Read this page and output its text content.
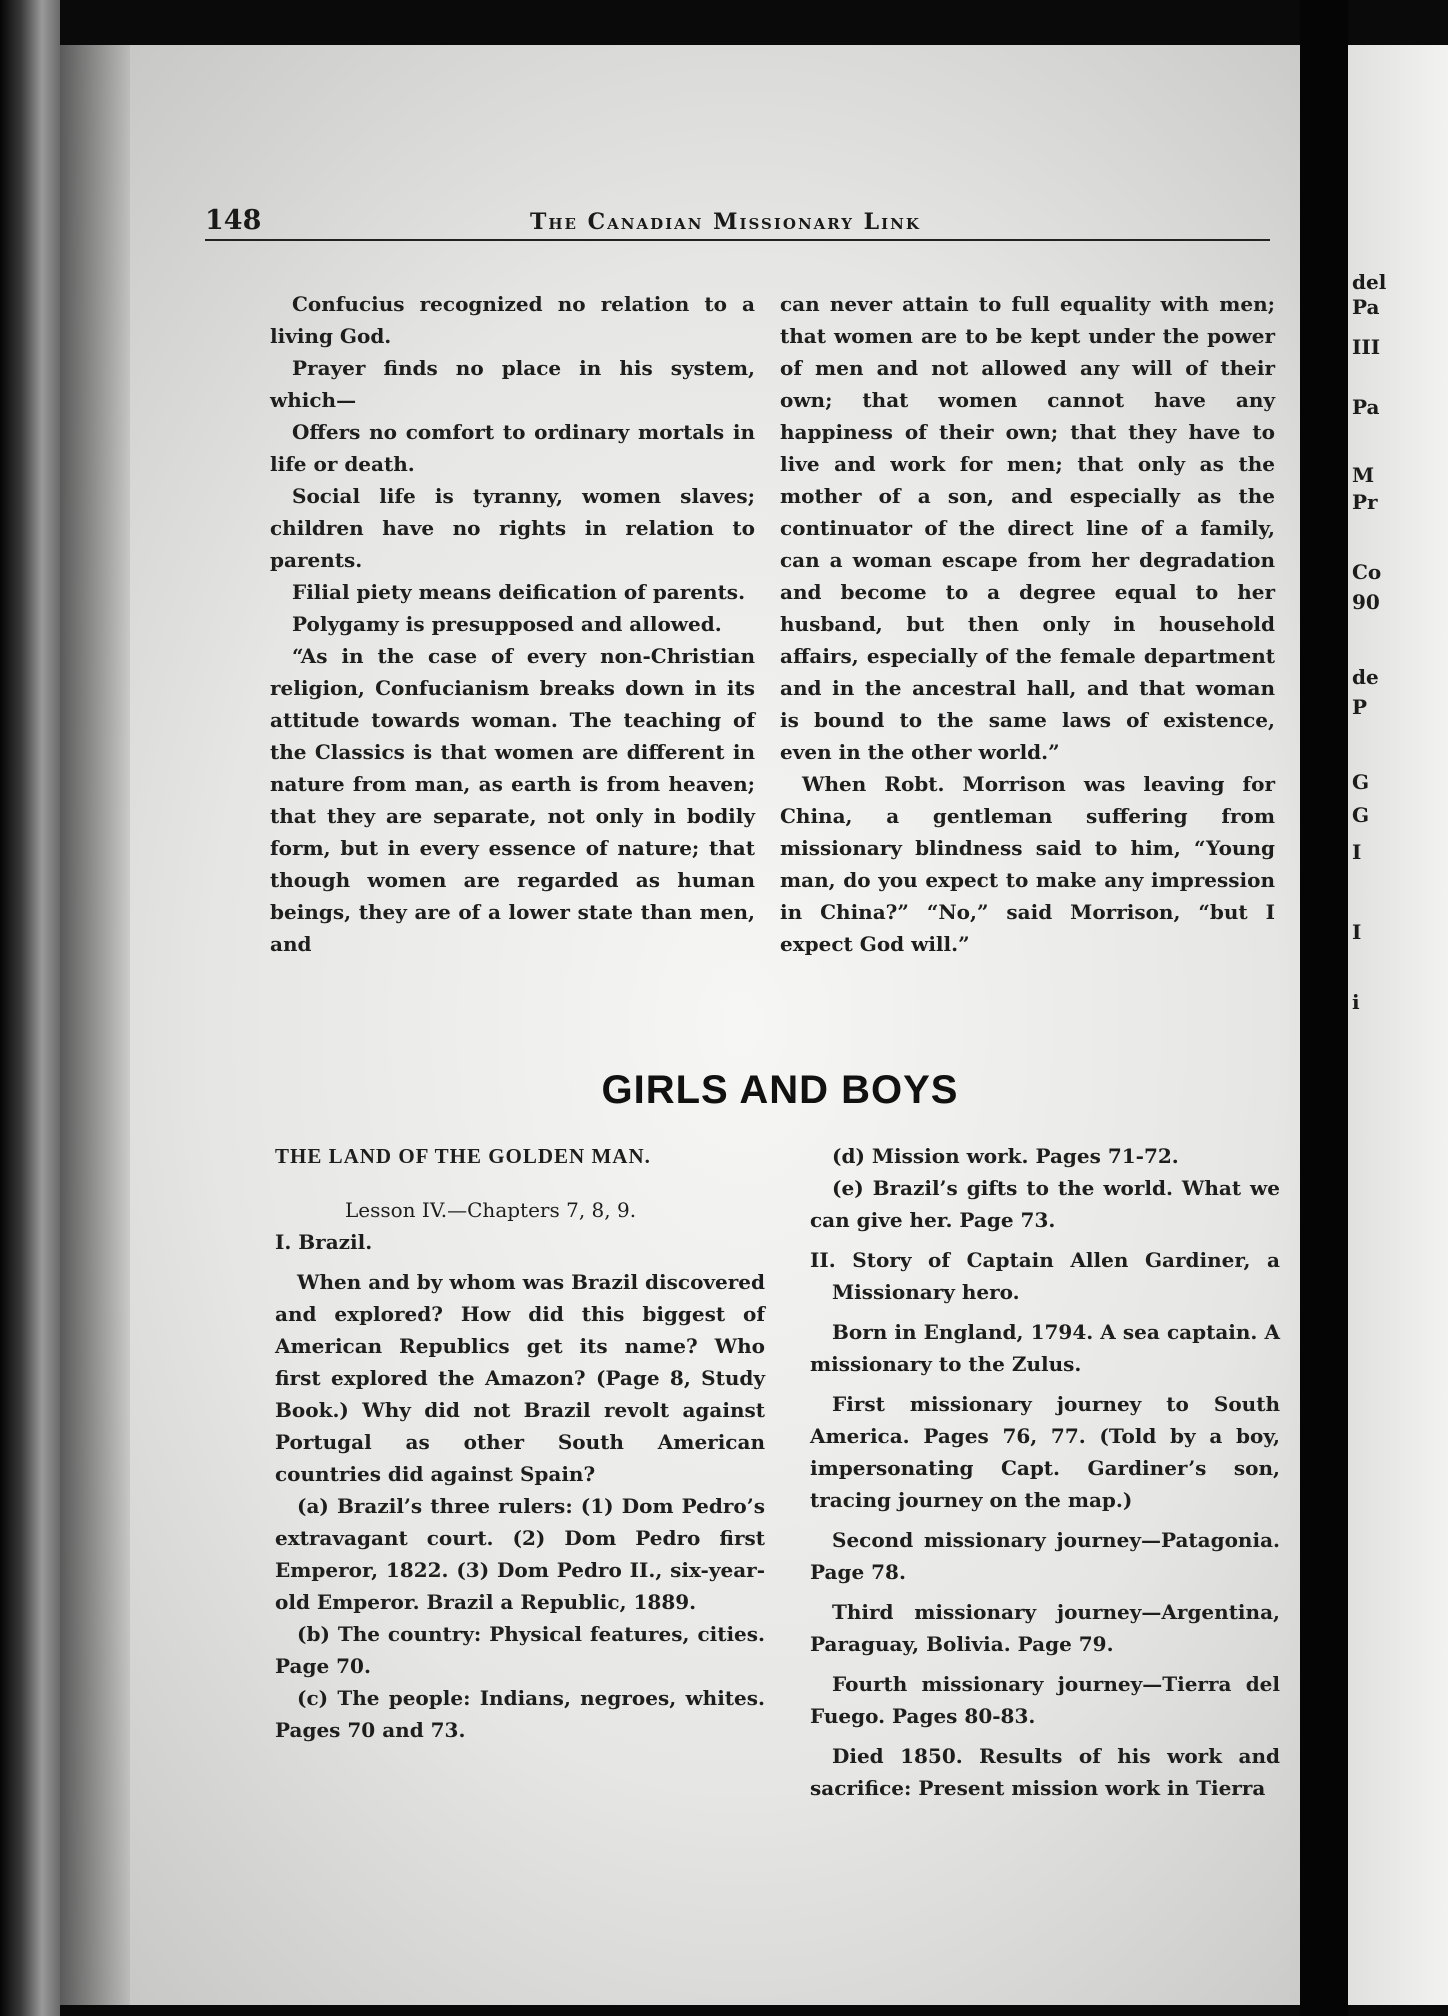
del
Pa
III
Pa
M
Pr
Co
90
de
P
G
G
I
I
i
148	The Canadian Missionary Link

Confucius recognized no relation to a living God.

Prayer finds no place in his system, which—

Offers no comfort to ordinary mortals in life or death.

Social life is tyranny, women slaves; children have no rights in relation to parents.

Filial piety means deification of parents.

Polygamy is presupposed and allowed.

“As in the case of every non-Christian religion, Confucianism breaks down in its attitude towards woman. The teaching of the Classics is that women are different in nature from man, as earth is from heaven; that they are separate, not only in bodily form, but in every essence of nature; that though women are regarded as human beings, they are of a lower state than men, and

can never attain to full equality with men; that women are to be kept under the power of men and not allowed any will of their own; that women cannot have any happiness of their own; that they have to live and work for men; that only as the mother of a son, and especially as the continuator of the direct line of a family, can a woman escape from her degradation and become to a degree equal to her husband, but then only in household affairs, especially of the female department and in the ancestral hall, and that woman is bound to the same laws of existence, even in the other world.”

When Robt. Morrison was leaving for China, a gentleman suffering from missionary blindness said to him, “Young man, do you expect to make any impression in China?” “No,” said Morrison, “but I expect God will.”

GIRLS AND BOYS

THE LAND OF THE GOLDEN MAN.

Lesson IV.—Chapters 7, 8, 9.

I. Brazil.

When and by whom was Brazil discovered and explored? How did this biggest of American Republics get its name? Who first explored the Amazon? (Page 8, Study Book.) Why did not Brazil revolt against Portugal as other South American countries did against Spain?

(a) Brazil’s three rulers: (1) Dom Pedro’s extravagant court. (2) Dom Pedro first Emperor, 1822. (3) Dom Pedro II., six-year-old Emperor. Brazil a Republic, 1889.

(b) The country: Physical features, cities. Page 70.

(c) The people: Indians, negroes, whites. Pages 70 and 73.

(d) Mission work. Pages 71-72.

(e) Brazil’s gifts to the world. What we can give her. Page 73.

II. Story of Captain Allen Gardiner, a Missionary hero.

Born in England, 1794. A sea captain. A missionary to the Zulus.

First missionary journey to South America. Pages 76, 77. (Told by a boy, impersonating Capt. Gardiner’s son, tracing journey on the map.)

Second missionary journey—Patagonia. Page 78.

Third missionary journey—Argentina, Paraguay, Bolivia. Page 79.

Fourth missionary journey—Tierra del Fuego. Pages 80-83.

Died 1850. Results of his work and sacrifice: Present mission work in Tierra
